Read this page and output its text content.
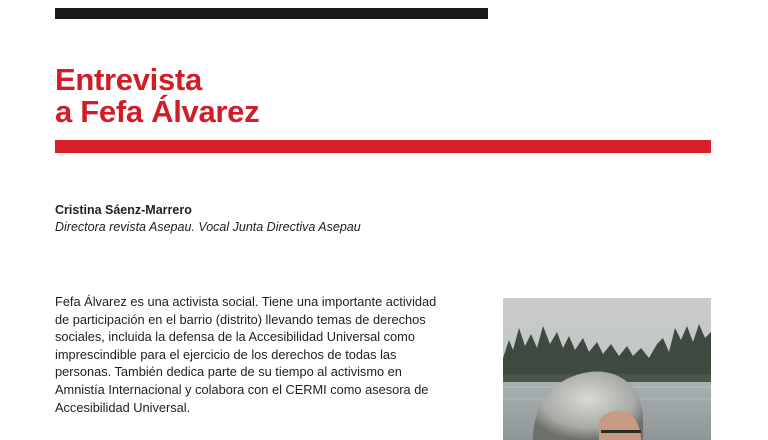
Entrevista
a Fefa Álvarez
Cristina Sáenz-Marrero
Directora revista Asepau. Vocal Junta Directiva Asepau

Fefa Álvarez es una activista social. Tiene una importante actividad
de participación en el barrio (distrito) llevando temas de derechos
sociales, incluida la defensa de la Accesibilidad Universal como
imprescindible para el ejercicio de los derechos de todas las
personas. También dedica parte de su tiempo al activismo en
Amnistía Internacional y colabora con el CERMI como asesora de
Accesibilidad Universal.
